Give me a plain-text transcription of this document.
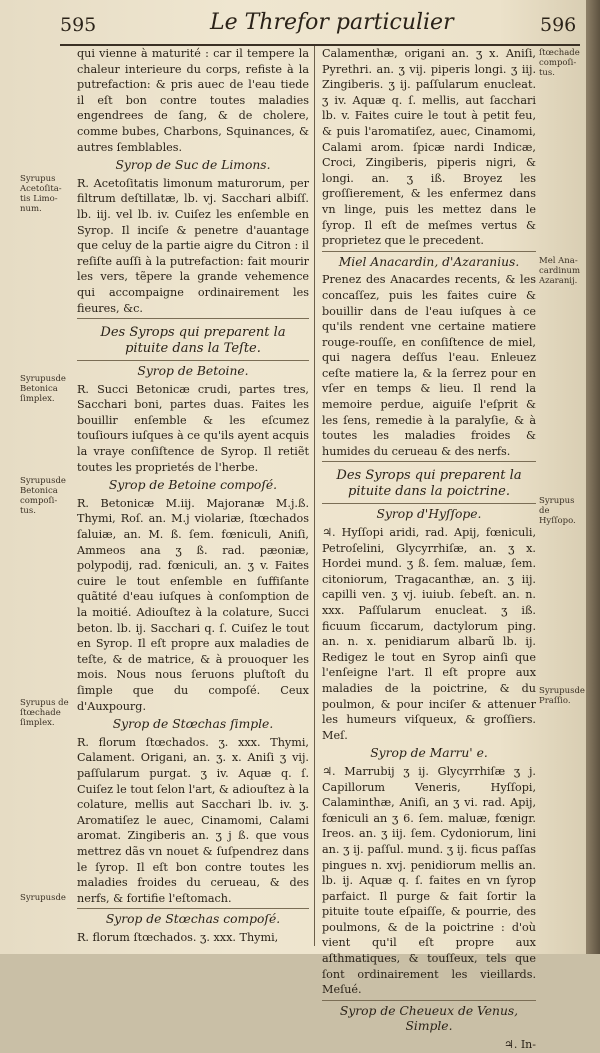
595	Le Threfor particulier	596
Syrupus
Acetoſita-
tis Limo-
num.
Syrupusde
Betonica
ſimplex.
Syrupusde
Betonica
compoſi-
tus.
Syrupus de
ſtœchade
ſimplex.
Syrupusde
ſtœchade
compoſi-
tus.
Mel Ana-
cardinum
Azaranij.
Syrupus de
Hyſſopo.
Syrupusde
Praſſio.

qui vienne à maturité : car il tempere la chaleur interieure du corps, refiste à la putrefaction: & pris auec de l'eau tiede il eſt bon contre toutes maladies engendrees de ſang, & de cholere, comme bubes, Charbons, Squinances, & autres ſemblables.

Syrop de Suc de Limons.

R. Acetoſitatis limonum maturorum, per filtrum deſtillatæ, lb. vj. Sacchari albiſſ. lb. iij. vel lb. iv. Cuiſez les enſemble en Syrop. Il inciſe & penetre d'auantage que celuy de la partie aigre du Citron : il reſiſte auſſi à la putrefaction: fait mourir les vers, tẽpere la grande vehemence qui accompaigne ordinairement les fieures, &c.

Des Syrops qui preparent la pituite dans la Teſte.
Syrop de Betoine.

R. Succi Betonicæ crudi, partes tres, Sacchari boni, partes duas. Faites les bouillir enſemble & les eſcumez touſiours iuſques à ce qu'ils ayent acquis la vraye conſiſtence de Syrop. Il retiẽt toutes les proprietés de l'herbe.

Syrop de Betoine compoſé.

R. Betonicæ M.iij. Majoranæ M.j.ß. Thymi, Roſ. an. M.j violariæ, ſtœchados ſaluiæ, an. M. ß. ſem. fœniculi, Aniſi, Ammeos ana ʒ ß. rad. pæoniæ, polypodij, rad. fœniculi, an. ʒ v. Faites cuire le tout enſemble en ſuffiſante quãtité d'eau iuſques à conſomption de la moitié. Adiouſtez à la colature, Succi beton. lb. ij. Sacchari q. ſ. Cuiſez le tout en Syrop. Il eſt propre aux maladies de teſte, & de matrice, & à prouoquer les mois. Nous nous ſeruons pluſtoſt du ſimple que du compoſé. Ceux d'Auxpourg.

Syrop de Stœchas ſimple.

R. florum ſtœchados. ʒ. xxx. Thymi, Calament. Origani, an. ʒ. x. Aniſi ʒ vij. paſſularum purgat. ʒ iv. Aquæ q. ſ. Cuiſez le tout ſelon l'art, & adiouſtez à la colature, mellis aut Sacchari lb. iv. ʒ. Aromatiſez le auec, Cinamomi, Calami aromat. Zingiberis an. ʒ j ß. que vous mettrez dãs vn nouet & ſuſpendrez dans le ſyrop. Il eſt bon contre toutes les maladies froides du cerueau, & des nerfs, & fortifie l'eſtomach.

Syrop de Stœchas compoſé.

R. florum ſtœchados. ʒ. xxx. Thymi,

Calamenthæ, origani an. ʒ x. Aniſi, Pyrethri. an. ʒ vij. piperis longi. ʒ iij. Zingiberis. ʒ ij. paſſularum enucleat. ʒ iv. Aquæ q. ſ. mellis, aut ſacchari lb. v. Faites cuire le tout à petit feu, & puis l'aromatiſez, auec, Cinamomi, Calami arom. ſpicæ nardi Indicæ, Croci, Zingiberis, piperis nigri, & longi. an. ʒ iß. Broyez les groſſierement, & les enfermez dans vn linge, puis les mettez dans le ſyrop. Il eſt de meſmes vertus & proprietez que le precedent.

Miel Anacardin, d'Azaranius.

Prenez des Anacardes recents, & les concaſſez, puis les faites cuire & bouillir dans de l'eau iuſques à ce qu'ils rendent vne certaine matiere rouge-rouſſe, en conſiſtence de miel, qui nagera deſſus l'eau. Enleuez ceſte matiere la, & la ſerrez pour en vſer en temps & lieu. Il rend la memoire perdue, aiguiſe l'eſprit & les ſens, remedie à la paralyſie, & à toutes les maladies froides & humides du cerueau & des nerfs.

Des Syrops qui preparent la pituite dans la poictrine.
Syrop d'Hyſſope.

♃. Hyſſopi aridi, rad. Apij, fœniculi, Petroſelini, Glycyrrhiſæ, an. ʒ x. Hordei mund. ʒ ß. ſem. maluæ, ſem. citoniorum, Tragacanthæ, an. ʒ iij. capilli ven. ʒ vj. iuiub. ſebeſt. an. n. xxx. Paſſularum enucleat. ʒ iß. ficuum ſiccarum, dactylorum ping. an. n. x. penidiarum albarũ lb. ij. Redigez le tout en Syrop ainſi que l'enſeigne l'art. Il eſt propre aux maladies de la poictrine, & du poulmon, & pour inciſer & attenuer les humeurs viſqueux, & groſſiers. Meſ.

Syrop de Marru' e.

♃. Marrubij ʒ ij. Glycyrrhiſæ ʒ j. Capillorum Veneris, Hyſſopi, Calaminthæ, Aniſi, an ʒ vi. rad. Apij, fœniculi an ʒ 6. ſem. maluæ, fœnigr. Ireos. an. ʒ iij. ſem. Cydoniorum, lini an. ʒ ij. paſſul. mund. ʒ ij. ficus paſſas pingues n. xvj. penidiorum mellis an. lb. ij. Aquæ q. ſ. faites en vn ſyrop parfaict. Il purge & fait ſortir la pituite toute eſpaiſſe, & pourrie, des poulmons, & de la poictrine : d'où vient qu'il eſt propre aux aſthmatiques, & touſſeux, tels que ſont ordinairement les vieillards. Meſué.

Syrop de Cheueux de Venus, Simple.
♃. In-
